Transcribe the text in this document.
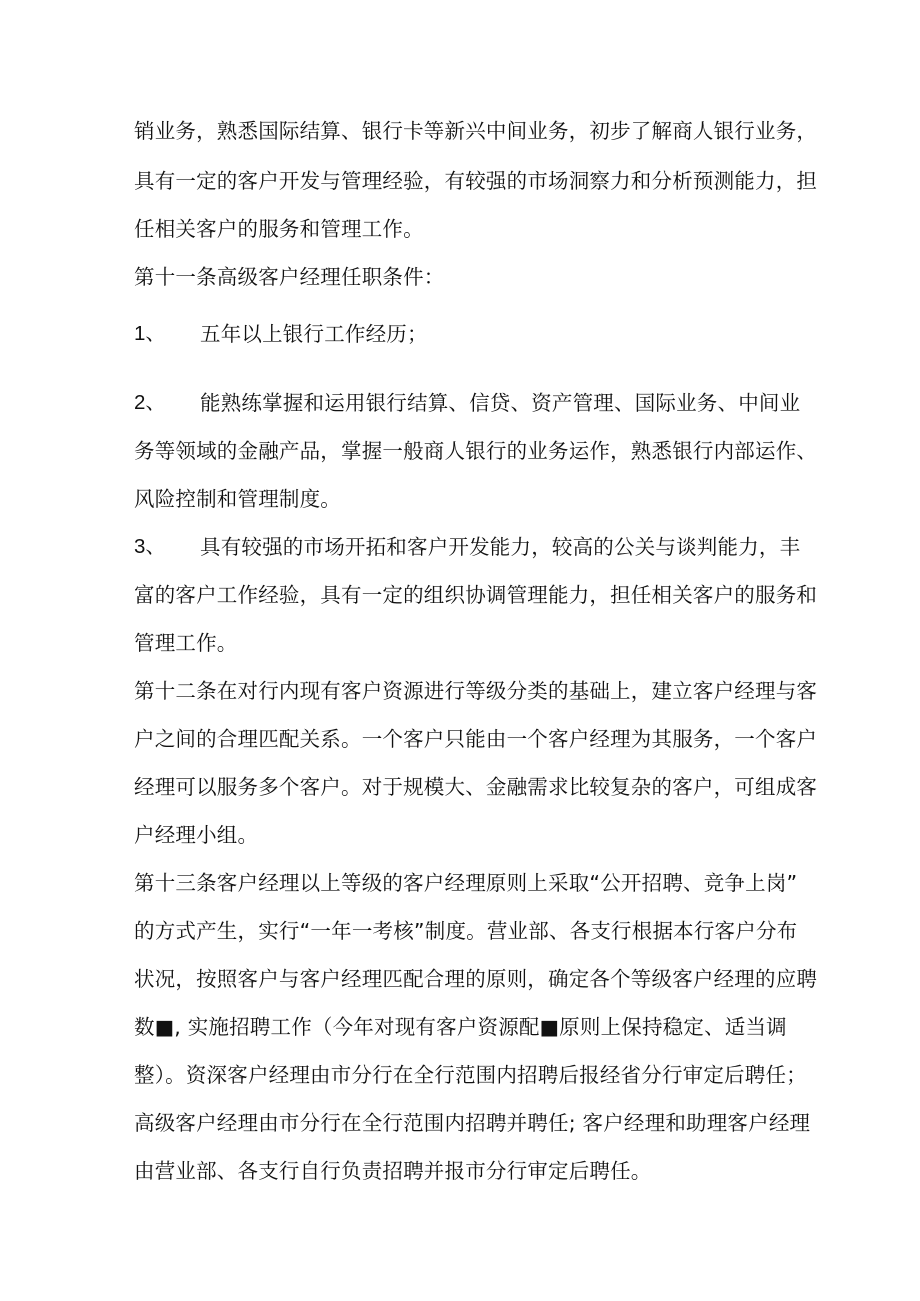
销业务，熟悉国际结算、银行卡等新兴中间业务，初步了解商人银行业务，
具有一定的客户开发与管理经验，有较强的市场洞察力和分析预测能力，担
任相关客户的服务和管理工作。
第十一条高级客户经理任职条件：
1、 五年以上银行工作经历；
2、 能熟练掌握和运用银行结算、信贷、资产管理、国际业务、中间业
务等领域的金融产品，掌握一般商人银行的业务运作，熟悉银行内部运作、
风险控制和管理制度。
3、 具有较强的市场开拓和客户开发能力，较高的公关与谈判能力，丰
富的客户工作经验，具有一定的组织协调管理能力，担任相关客户的服务和
管理工作。
第十二条在对行内现有客户资源进行等级分类的基础上，建立客户经理与客
户之间的合理匹配关系。一个客户只能由一个客户经理为其服务，一个客户
经理可以服务多个客户。对于规模大、金融需求比较复杂的客户，可组成客
户经理小组。
第十三条客户经理以上等级的客户经理原则上采取“公开招聘、竞争上岗”
的方式产生，实行“一年一考核”制度。营业部、各支行根据本行客户分布
状况，按照客户与客户经理匹配合理的原则，确定各个等级客户经理的应聘
数■, 实施招聘工作（今年对现有客户资源配■原则上保持稳定、适当调
整）。资深客户经理由市分行在全行范围内招聘后报经省分行审定后聘任；
高级客户经理由市分行在全行范围内招聘并聘任; 客户经理和助理客户经理
由营业部、各支行自行负责招聘并报市分行审定后聘任。
